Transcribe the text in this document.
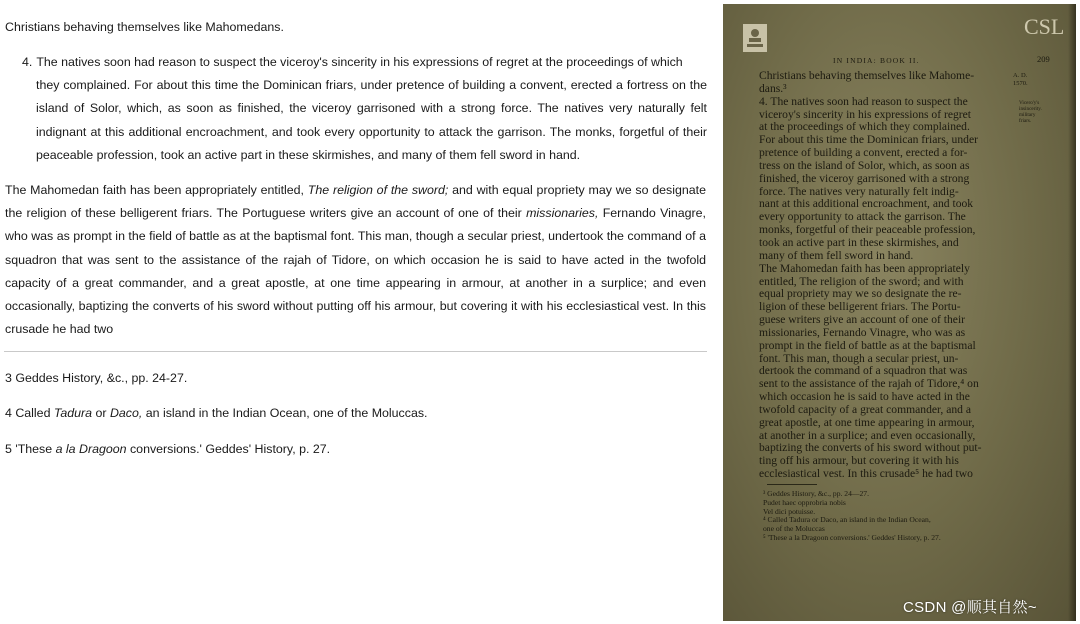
Christians behaving themselves like Mahomedans.

4. The natives soon had reason to suspect the viceroy's sincerity in his expressions of regret at the proceedings of which
they complained. For about this time the Dominican friars, under pretence of building a convent, erected a fortress on the island of Solor, which, as soon as finished, the viceroy garrisoned with a strong force. The natives very naturally felt indignant at this additional encroachment, and took every opportunity to attack the garrison. The monks, forgetful of their peaceable profession, took an active part in these skirmishes, and many of them fell sword in hand.

The Mahomedan faith has been appropriately entitled, The religion of the sword; and with equal propriety may we so designate the religion of these belligerent friars. The Portuguese writers give an account of one of their missionaries, Fernando Vinagre, who was as prompt in the field of battle as at the baptismal font. This man, though a secular priest, undertook the command of a squadron that was sent to the assistance of the rajah of Tidore, on which occasion he is said to have acted in the twofold capacity of a great commander, and a great apostle, at one time appearing in armour, at another in a surplice; and even occasionally, baptizing the converts of his sword without putting off his armour, but covering it with his ecclesiastical vest. In this crusade he had two

3 Geddes History, &c., pp. 24-27.
4 Called Tadura or Daco, an island in the Indian Ocean, one of the Moluccas.
5 'These a la Dragoon conversions.' Geddes' History, p. 27.
CSL
IN INDIA: BOOK II.	209
A. D.
1570.
Vicero'y's
insincerity.
military
friars.
Christians behaving themselves like Mahome-
dans.³
4. The natives soon had reason to suspect the
viceroy's sincerity in his expressions of regret
at the proceedings of which they complained.
For about this time the Dominican friars, under
pretence of building a convent, erected a for-
tress on the island of Solor, which, as soon as
finished, the viceroy garrisoned with a strong
force. The natives very naturally felt indig-
nant at this additional encroachment, and took
every opportunity to attack the garrison. The
monks, forgetful of their peaceable profession,
took an active part in these skirmishes, and
many of them fell sword in hand.
The Mahomedan faith has been appropriately
entitled, The religion of the sword; and with
equal propriety may we so designate the re-
ligion of these belligerent friars. The Portu-
guese writers give an account of one of their
missionaries, Fernando Vinagre, who was as
prompt in the field of battle as at the baptismal
font. This man, though a secular priest, un-
dertook the command of a squadron that was
sent to the assistance of the rajah of Tidore,⁴ on
which occasion he is said to have acted in the
twofold capacity of a great commander, and a
great apostle, at one time appearing in armour,
at another in a surplice; and even occasionally,
baptizing the converts of his sword without put-
ting off his armour, but covering it with his
ecclesiastical vest. In this crusade⁵ he had two
³ Geddes History, &c., pp. 24—27.
Pudet haec opprobria nobis
Vel dici potuisse.
⁴ Called Tadura or Daco, an island in the Indian Ocean,
one of the Moluccas
⁵ 'These a la Dragoon conversions.' Geddes' History, p. 27.
CSDN @顺其自然~
